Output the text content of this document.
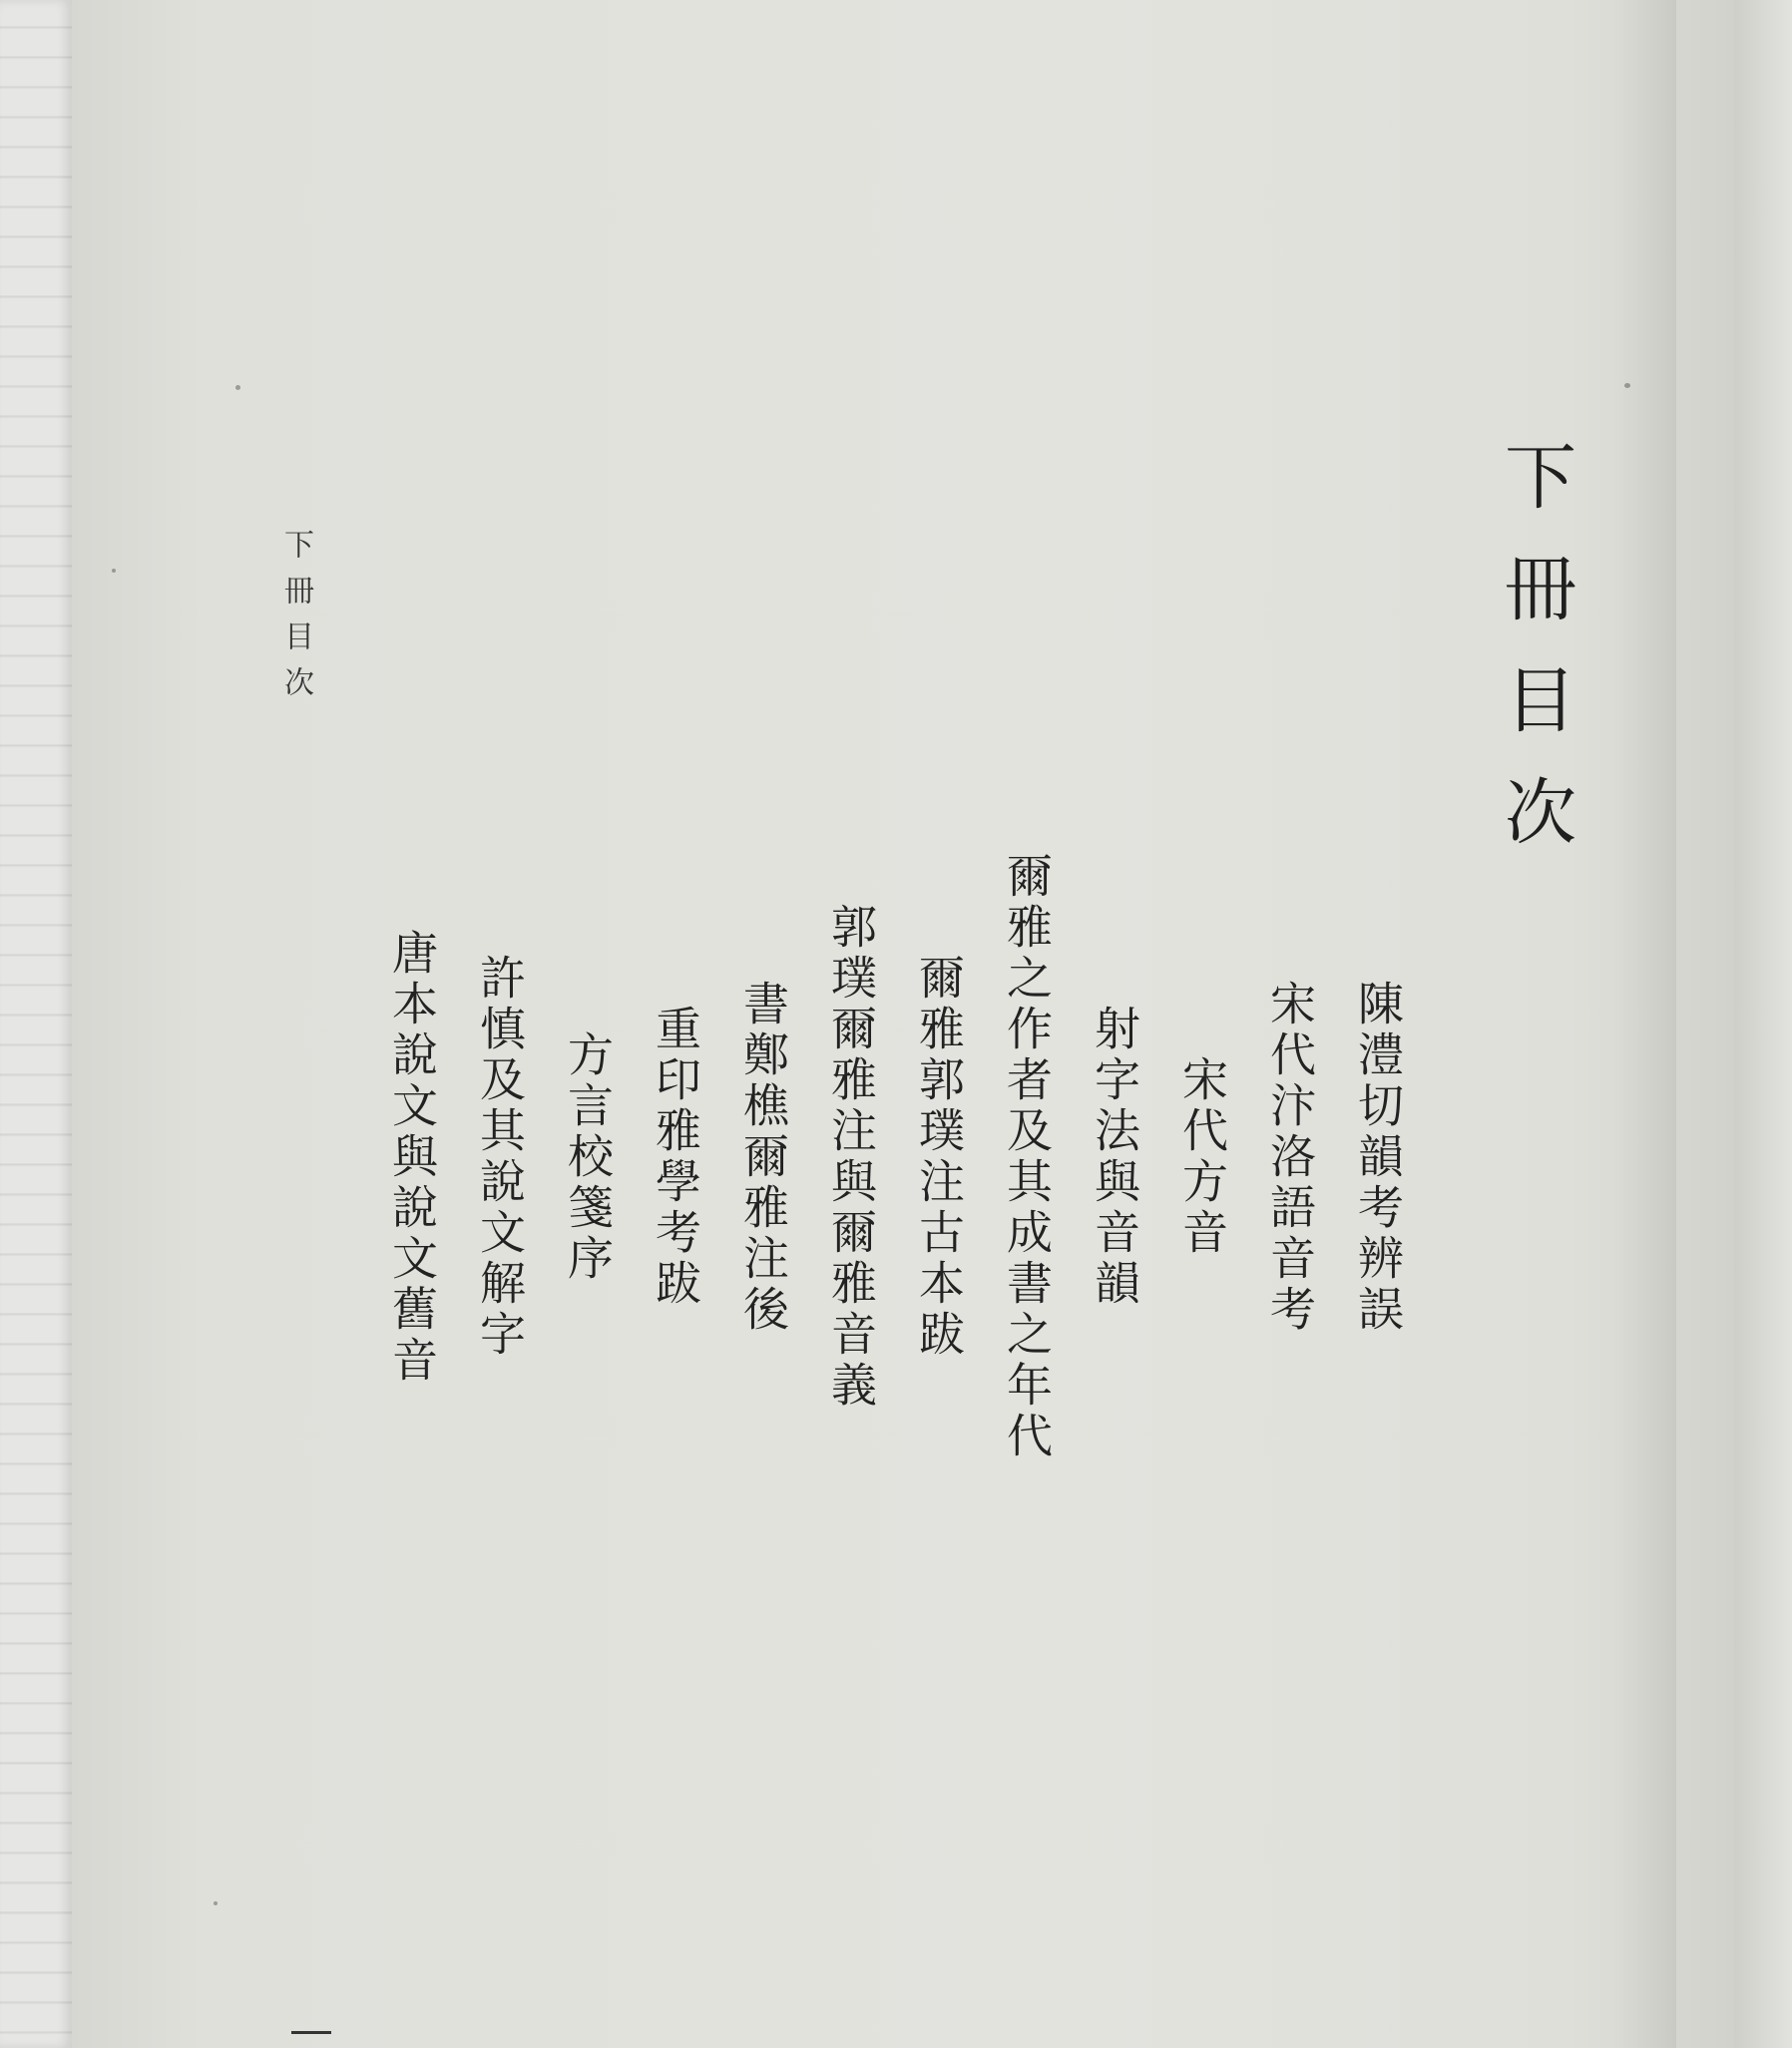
下冊目次
陳澧切韻考辨誤
宋代汴洛語音考
宋代方音
射字法與音韻
爾雅之作者及其成書之年代
爾雅郭璞注古本跋
郭璞爾雅注與爾雅音義
書鄭樵爾雅注後
重印雅學考跋
方言校箋序
許慎及其說文解字
唐本說文與說文舊音
下冊目次
